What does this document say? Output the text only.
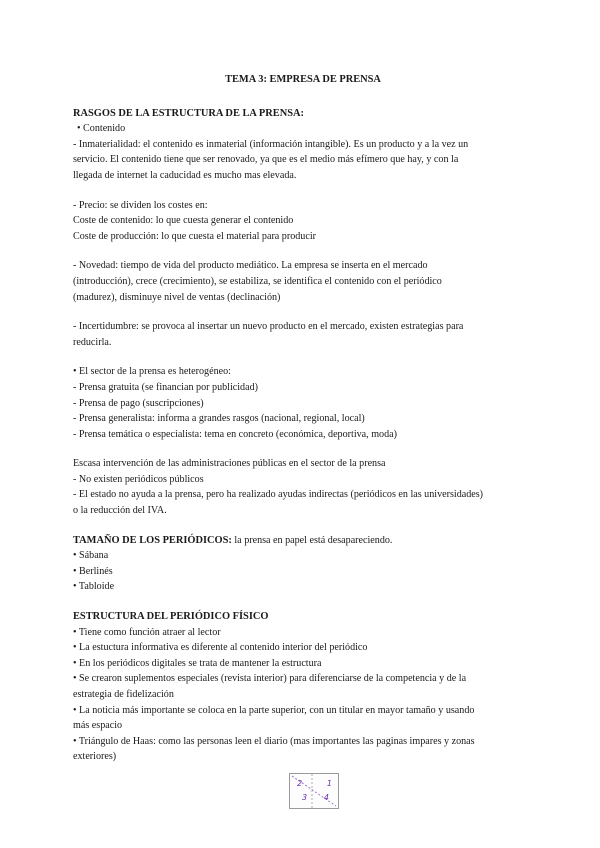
TEMA 3: EMPRESA DE PRENSA

RASGOS DE LA ESTRUCTURA DE LA PRENSA:

• Contenido

- Inmaterialidad: el contenido es inmaterial (información intangible). Es un producto y a la vez un

servicio. El contenido tiene que ser renovado, ya que es el medio más efímero que hay, y con la

llegada de internet la caducidad es mucho mas elevada.

- Precio: se dividen los costes en:

Coste de contenido: lo que cuesta generar el contenido

Coste de producción: lo que cuesta el material para producir

- Novedad: tiempo de vida del producto mediático. La empresa se inserta en el mercado

(introducción), crece (crecimiento), se estabiliza, se identifica el contenido con el periódico

(madurez), disminuye nivel de ventas (declinación)

- Incertidumbre: se provoca al insertar un nuevo producto en el mercado, existen estrategias para

reducirla.

• El sector de la prensa es heterogéneo:

- Prensa gratuita (se financian por publicidad)

- Prensa de pago (suscripciones)

- Prensa generalista: informa a grandes rasgos (nacional, regional, local)

- Prensa temática o especialista: tema en concreto (económica, deportiva, moda)

Escasa intervención de las administraciones públicas en el sector de la prensa

- No existen periódicos públicos

- El estado no ayuda a la prensa, pero ha realizado ayudas indirectas (periódicos en las universidades)

o la reducción del IVA.

TAMAÑO DE LOS PERIÓDICOS: la prensa en papel está desapareciendo.

• Sábana

• Berlinés

• Tabloide

ESTRUCTURA DEL PERIÓDICO FÍSICO

• Tiene como función atraer al lector

• La estuctura informativa es diferente al contenido interior del periódico

• En los periódicos digitales se trata de mantener la estructura

• Se crearon suplementos especiales (revista interior) para diferenciarse de la competencia y de la

estrategia de fidelización

• La noticia más importante se coloca en la parte superior, con un titular en mayor tamaño y usando

más espacio

• Triángulo de Haas: como las personas leen el diario (mas importantes las paginas impares y zonas

exteriores)

2	1
3 4
